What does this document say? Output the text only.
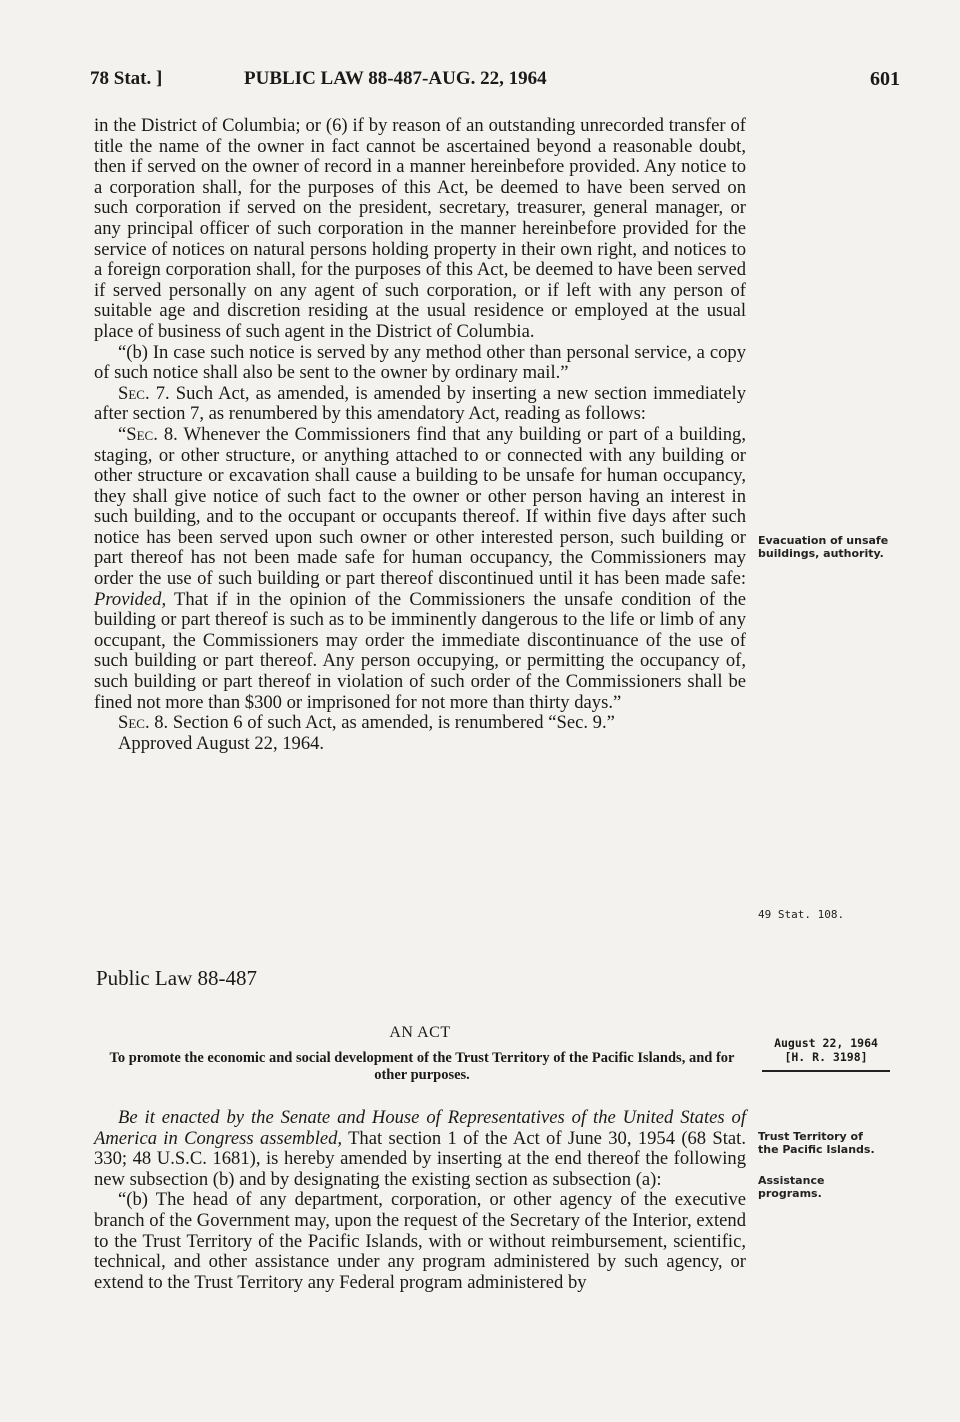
78 Stat. ]	PUBLIC LAW 88-487-AUG. 22, 1964	601

in the District of Columbia; or (6) if by reason of an outstanding unrecorded transfer of title the name of the owner in fact cannot be ascertained beyond a reasonable doubt, then if served on the owner of record in a manner hereinbefore provided. Any notice to a corporation shall, for the purposes of this Act, be deemed to have been served on such corporation if served on the president, secretary, treasurer, general manager, or any principal officer of such corporation in the manner hereinbefore provided for the service of notices on natural persons holding property in their own right, and notices to a foreign corporation shall, for the purposes of this Act, be deemed to have been served if served personally on any agent of such corporation, or if left with any person of suitable age and discretion residing at the usual residence or employed at the usual place of business of such agent in the District of Columbia.

“(b) In case such notice is served by any method other than personal service, a copy of such notice shall also be sent to the owner by ordinary mail.”

Sec. 7. Such Act, as amended, is amended by inserting a new section immediately after section 7, as renumbered by this amendatory Act, reading as follows:

“Sec. 8. Whenever the Commissioners find that any building or part of a building, staging, or other structure, or anything attached to or connected with any building or other structure or excavation shall cause a building to be unsafe for human occupancy, they shall give notice of such fact to the owner or other person having an interest in such building, and to the occupant or occupants thereof. If within five days after such notice has been served upon such owner or other interested person, such building or part thereof has not been made safe for human occupancy, the Commissioners may order the use of such building or part thereof discontinued until it has been made safe: Provided, That if in the opinion of the Commissioners the unsafe condition of the building or part thereof is such as to be imminently dangerous to the life or limb of any occupant, the Commissioners may order the immediate discontinuance of the use of such building or part thereof. Any person occupying, or permitting the occupancy of, such building or part thereof in violation of such order of the Commissioners shall be fined not more than $300 or imprisoned for not more than thirty days.”

Sec. 8. Section 6 of such Act, as amended, is renumbered “Sec. 9.”

Approved August 22, 1964.

Evacuation of unsafe buildings, authority.
49 Stat. 108.
Public Law 88-487
AN ACT
To promote the economic and social development of the Trust Territory of the Pacific Islands, and for other purposes.
August 22, 1964
[H. R. 3198]
Trust Territory of the Pacific Islands.
Assistance programs.

Be it enacted by the Senate and House of Representatives of the United States of America in Congress assembled, That section 1 of the Act of June 30, 1954 (68 Stat. 330; 48 U.S.C. 1681), is hereby amended by inserting at the end thereof the following new subsection (b) and by designating the existing section as subsection (a):

“(b) The head of any department, corporation, or other agency of the executive branch of the Government may, upon the request of the Secretary of the Interior, extend to the Trust Territory of the Pacific Islands, with or without reimbursement, scientific, technical, and other assistance under any program administered by such agency, or extend to the Trust Territory any Federal program administered by
